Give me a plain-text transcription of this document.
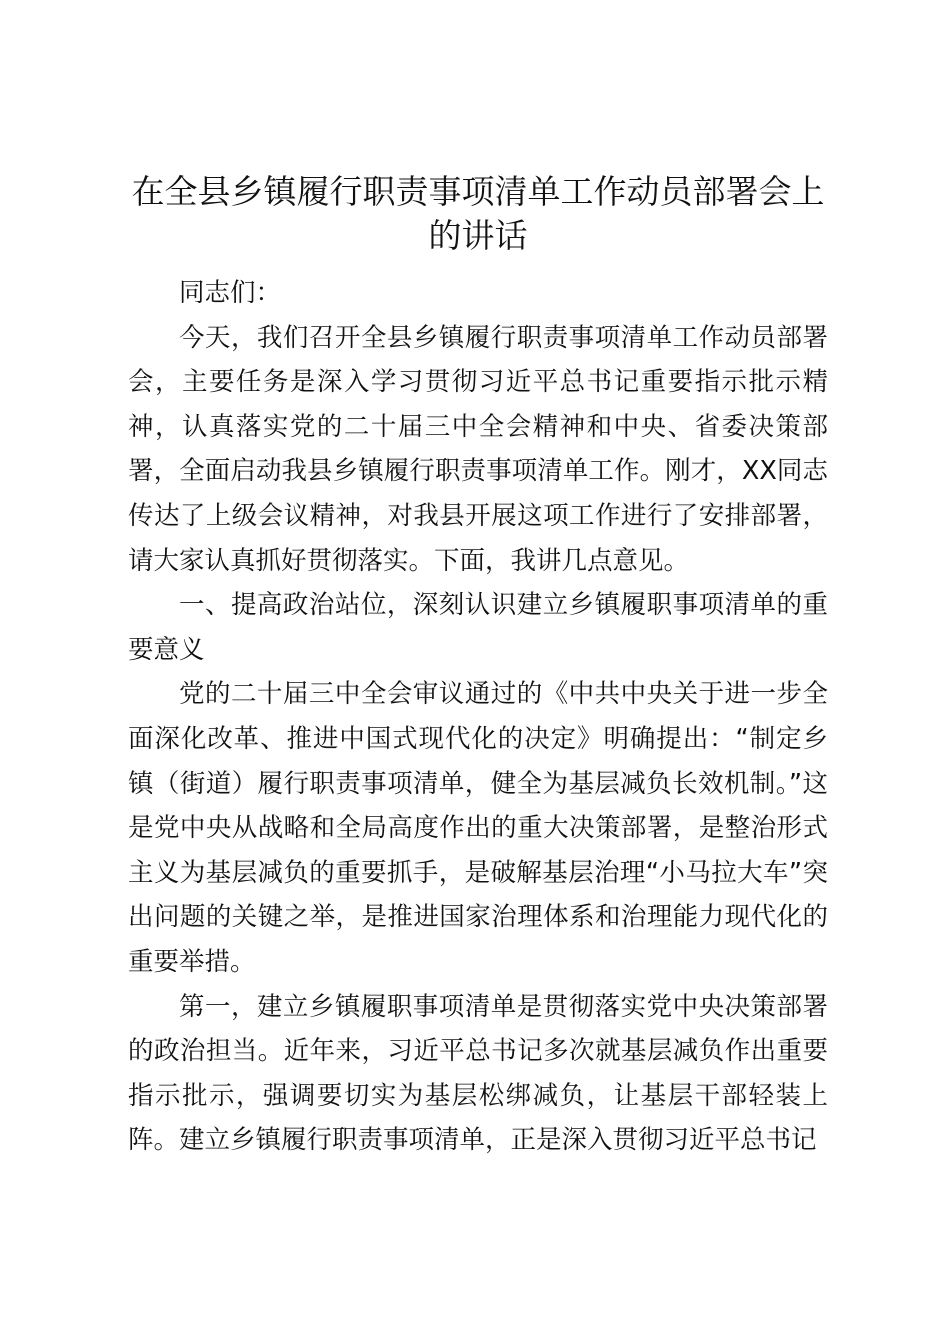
在全县乡镇履行职责事项清单工作动员部署会上的讲话

同志们：

今天，我们召开全县乡镇履行职责事项清单工作动员部署会，主要任务是深入学习贯彻习近平总书记重要指示批示精神，认真落实党的二十届三中全会精神和中央、省委决策部署，全面启动我县乡镇履行职责事项清单工作。刚才，XX同志传达了上级会议精神，对我县开展这项工作进行了安排部署，请大家认真抓好贯彻落实。下面，我讲几点意见。

一、提高政治站位，深刻认识建立乡镇履职事项清单的重要意义

党的二十届三中全会审议通过的《中共中央关于进一步全面深化改革、推进中国式现代化的决定》明确提出：“制定乡镇（街道）履行职责事项清单，健全为基层减负长效机制。”这是党中央从战略和全局高度作出的重大决策部署，是整治形式主义为基层减负的重要抓手，是破解基层治理“小马拉大车”突出问题的关键之举，是推进国家治理体系和治理能力现代化的重要举措。

第一，建立乡镇履职事项清单是贯彻落实党中央决策部署的政治担当。近年来，习近平总书记多次就基层减负作出重要指示批示，强调要切实为基层松绑减负，让基层干部轻装上阵。建立乡镇履行职责事项清单，正是深入贯彻习近平总书记
